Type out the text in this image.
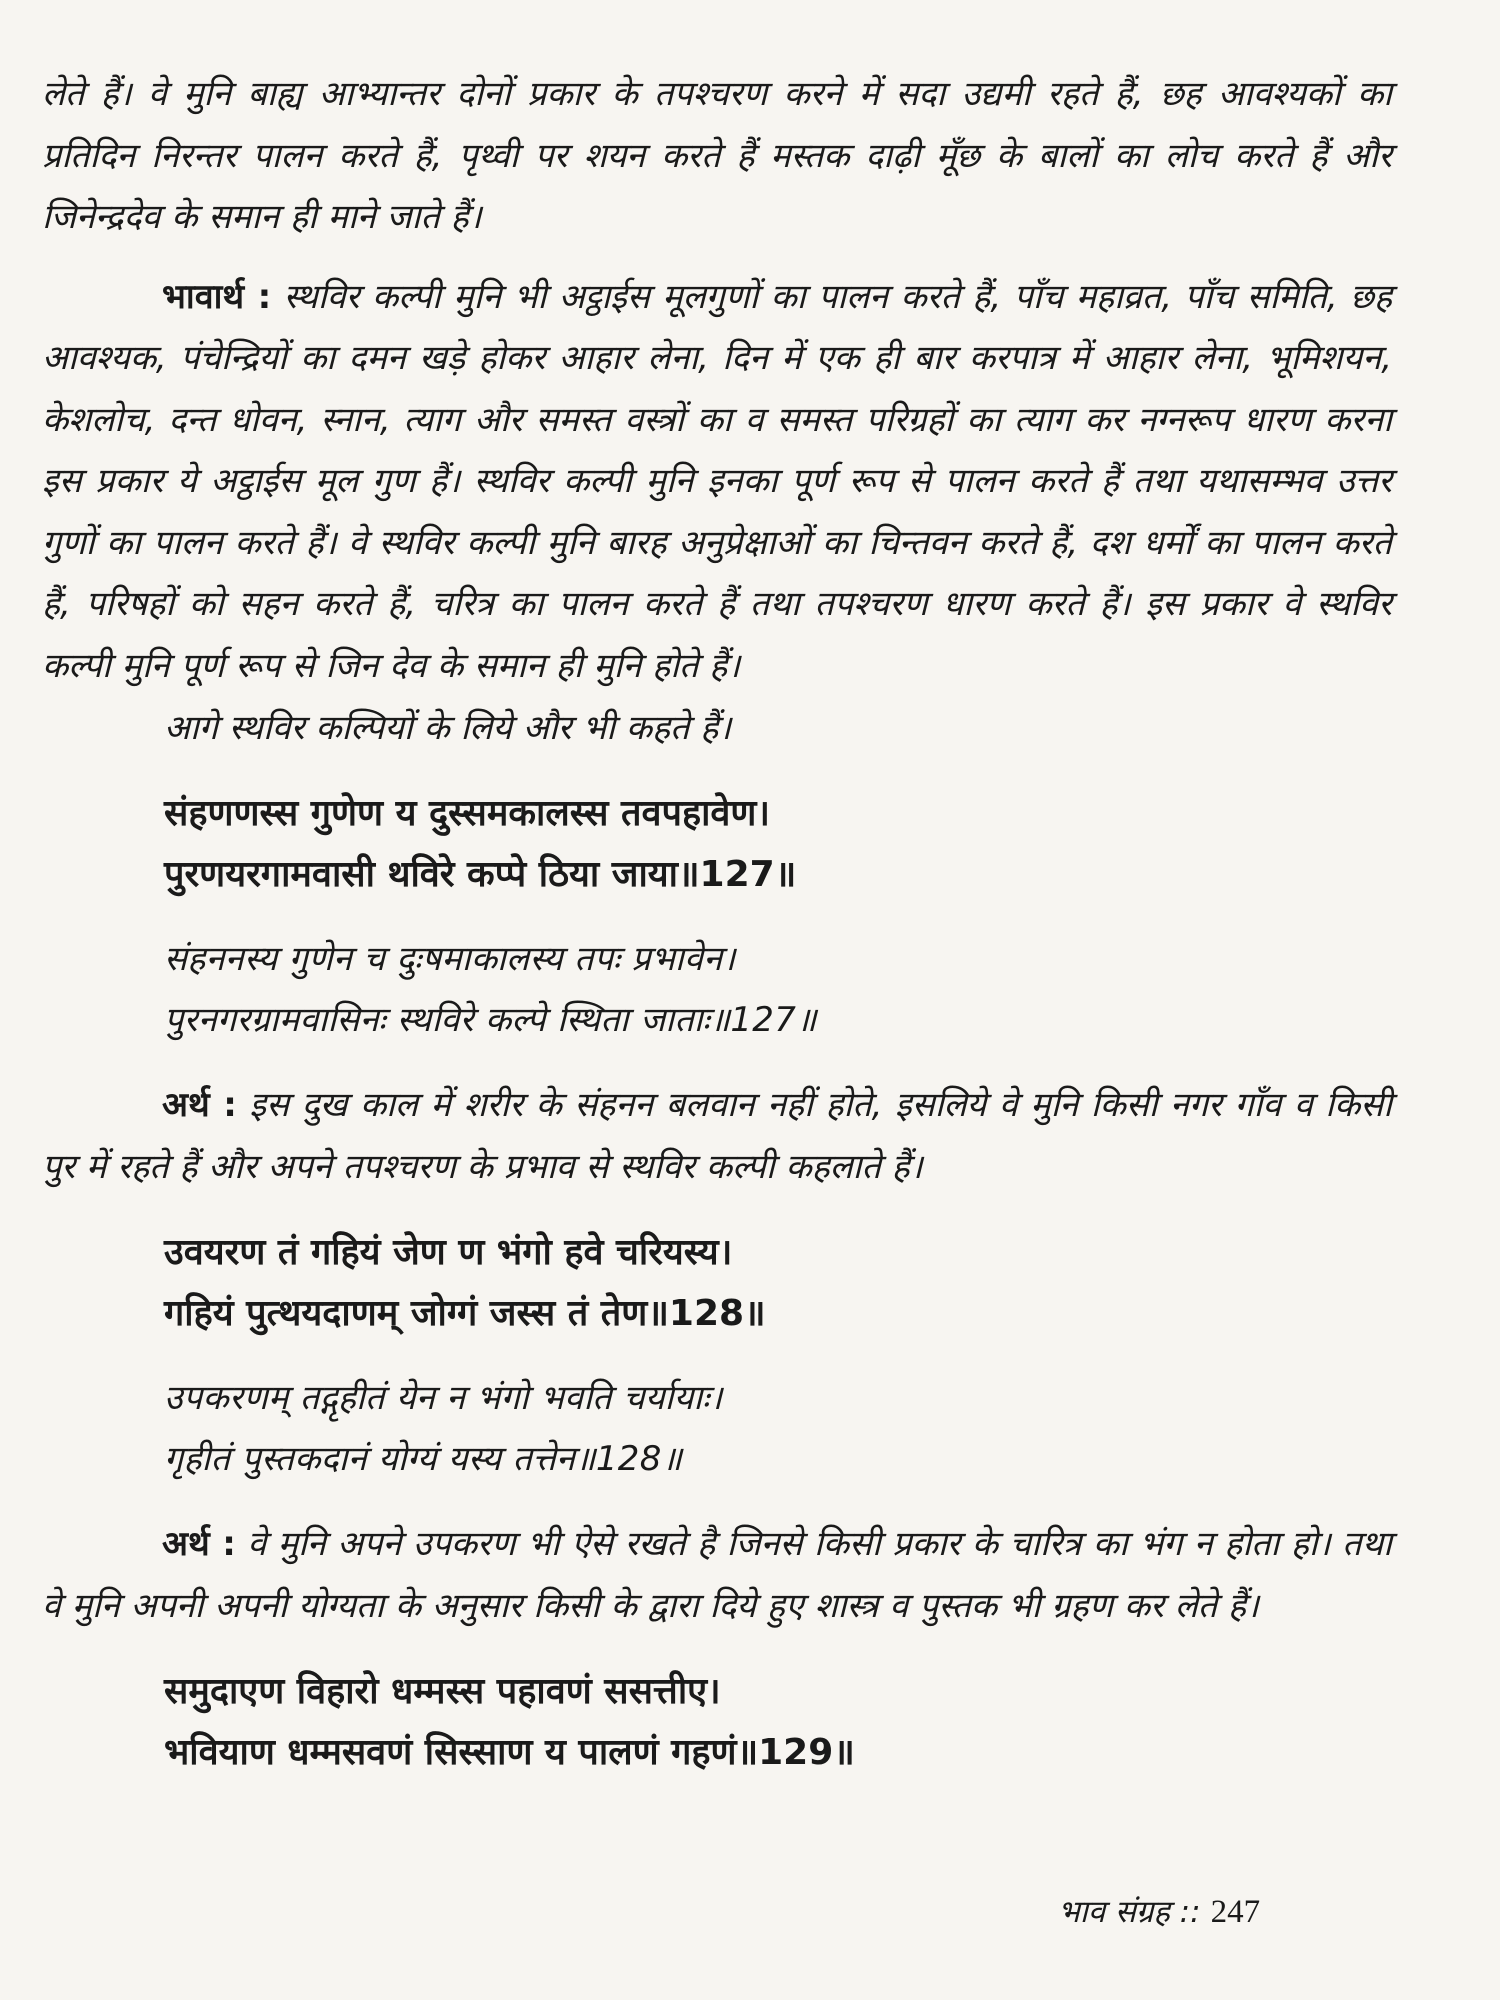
लेते हैं। वे मुनि बाह्य आभ्यान्तर दोनों प्रकार के तपश्चरण करने में सदा उद्यमी रहते हैं, छह आवश्यकों का प्रतिदिन निरन्तर पालन करते हैं, पृथ्वी पर शयन करते हैं मस्तक दाढ़ी मूँछ के बालों का लोच करते हैं और जिनेन्द्रदेव के समान ही माने जाते हैं।

भावार्थ : स्थविर कल्पी मुनि भी अट्ठाईस मूलगुणों का पालन करते हैं, पाँच महाव्रत, पाँच समिति, छह आवश्यक, पंचेन्द्रियों का दमन खड़े होकर आहार लेना, दिन में एक ही बार करपात्र में आहार लेना, भूमिशयन, केशलोच, दन्त धोवन, स्नान, त्याग और समस्त वस्त्रों का व समस्त परिग्रहों का त्याग कर नग्नरूप धारण करना इस प्रकार ये अट्ठाईस मूल गुण हैं। स्थविर कल्पी मुनि इनका पूर्ण रूप से पालन करते हैं तथा यथासम्भव उत्तर गुणों का पालन करते हैं। वे स्थविर कल्पी मुनि बारह अनुप्रेक्षाओं का चिन्तवन करते हैं, दश धर्मों का पालन करते हैं, परिषहों को सहन करते हैं, चरित्र का पालन करते हैं तथा तपश्चरण धारण करते हैं। इस प्रकार वे स्थविर कल्पी मुनि पूर्ण रूप से जिन देव के समान ही मुनि होते हैं।

आगे स्थविर कल्पियों के लिये और भी कहते हैं।

संहणणस्स गुणेण य दुस्समकालस्स तवपहावेण।

पुरणयरगामवासी थविरे कप्पे ठिया जाया॥127॥

संहननस्य गुणेन च दुःषमाकालस्य तपः प्रभावेन।

पुरनगरग्रामवासिनः स्थविरे कल्पे स्थिता जाताः॥127॥

अर्थ : इस दुख काल में शरीर के संहनन बलवान नहीं होते, इसलिये वे मुनि किसी नगर गाँव व किसी पुर में रहते हैं और अपने तपश्चरण के प्रभाव से स्थविर कल्पी कहलाते हैं।

उवयरण तं गहियं जेण ण भंगो हवे चरियस्य।

गहियं पुत्थयदाणम् जोग्गं जस्स तं तेण॥128॥

उपकरणम् तद्गृहीतं येन न भंगो भवति चर्यायाः।

गृहीतं पुस्तकदानं योग्यं यस्य तत्तेन॥128॥

अर्थ : वे मुनि अपने उपकरण भी ऐसे रखते है जिनसे किसी प्रकार के चारित्र का भंग न होता हो। तथा वे मुनि अपनी अपनी योग्यता के अनुसार किसी के द्वारा दिये हुए शास्त्र व पुस्तक भी ग्रहण कर लेते हैं।

समुदाएण विहारो धम्मस्स पहावणं ससत्तीए।

भवियाण धम्मसवणं सिस्साण य पालणं गहणं॥129॥

भाव संग्रह :: 247
